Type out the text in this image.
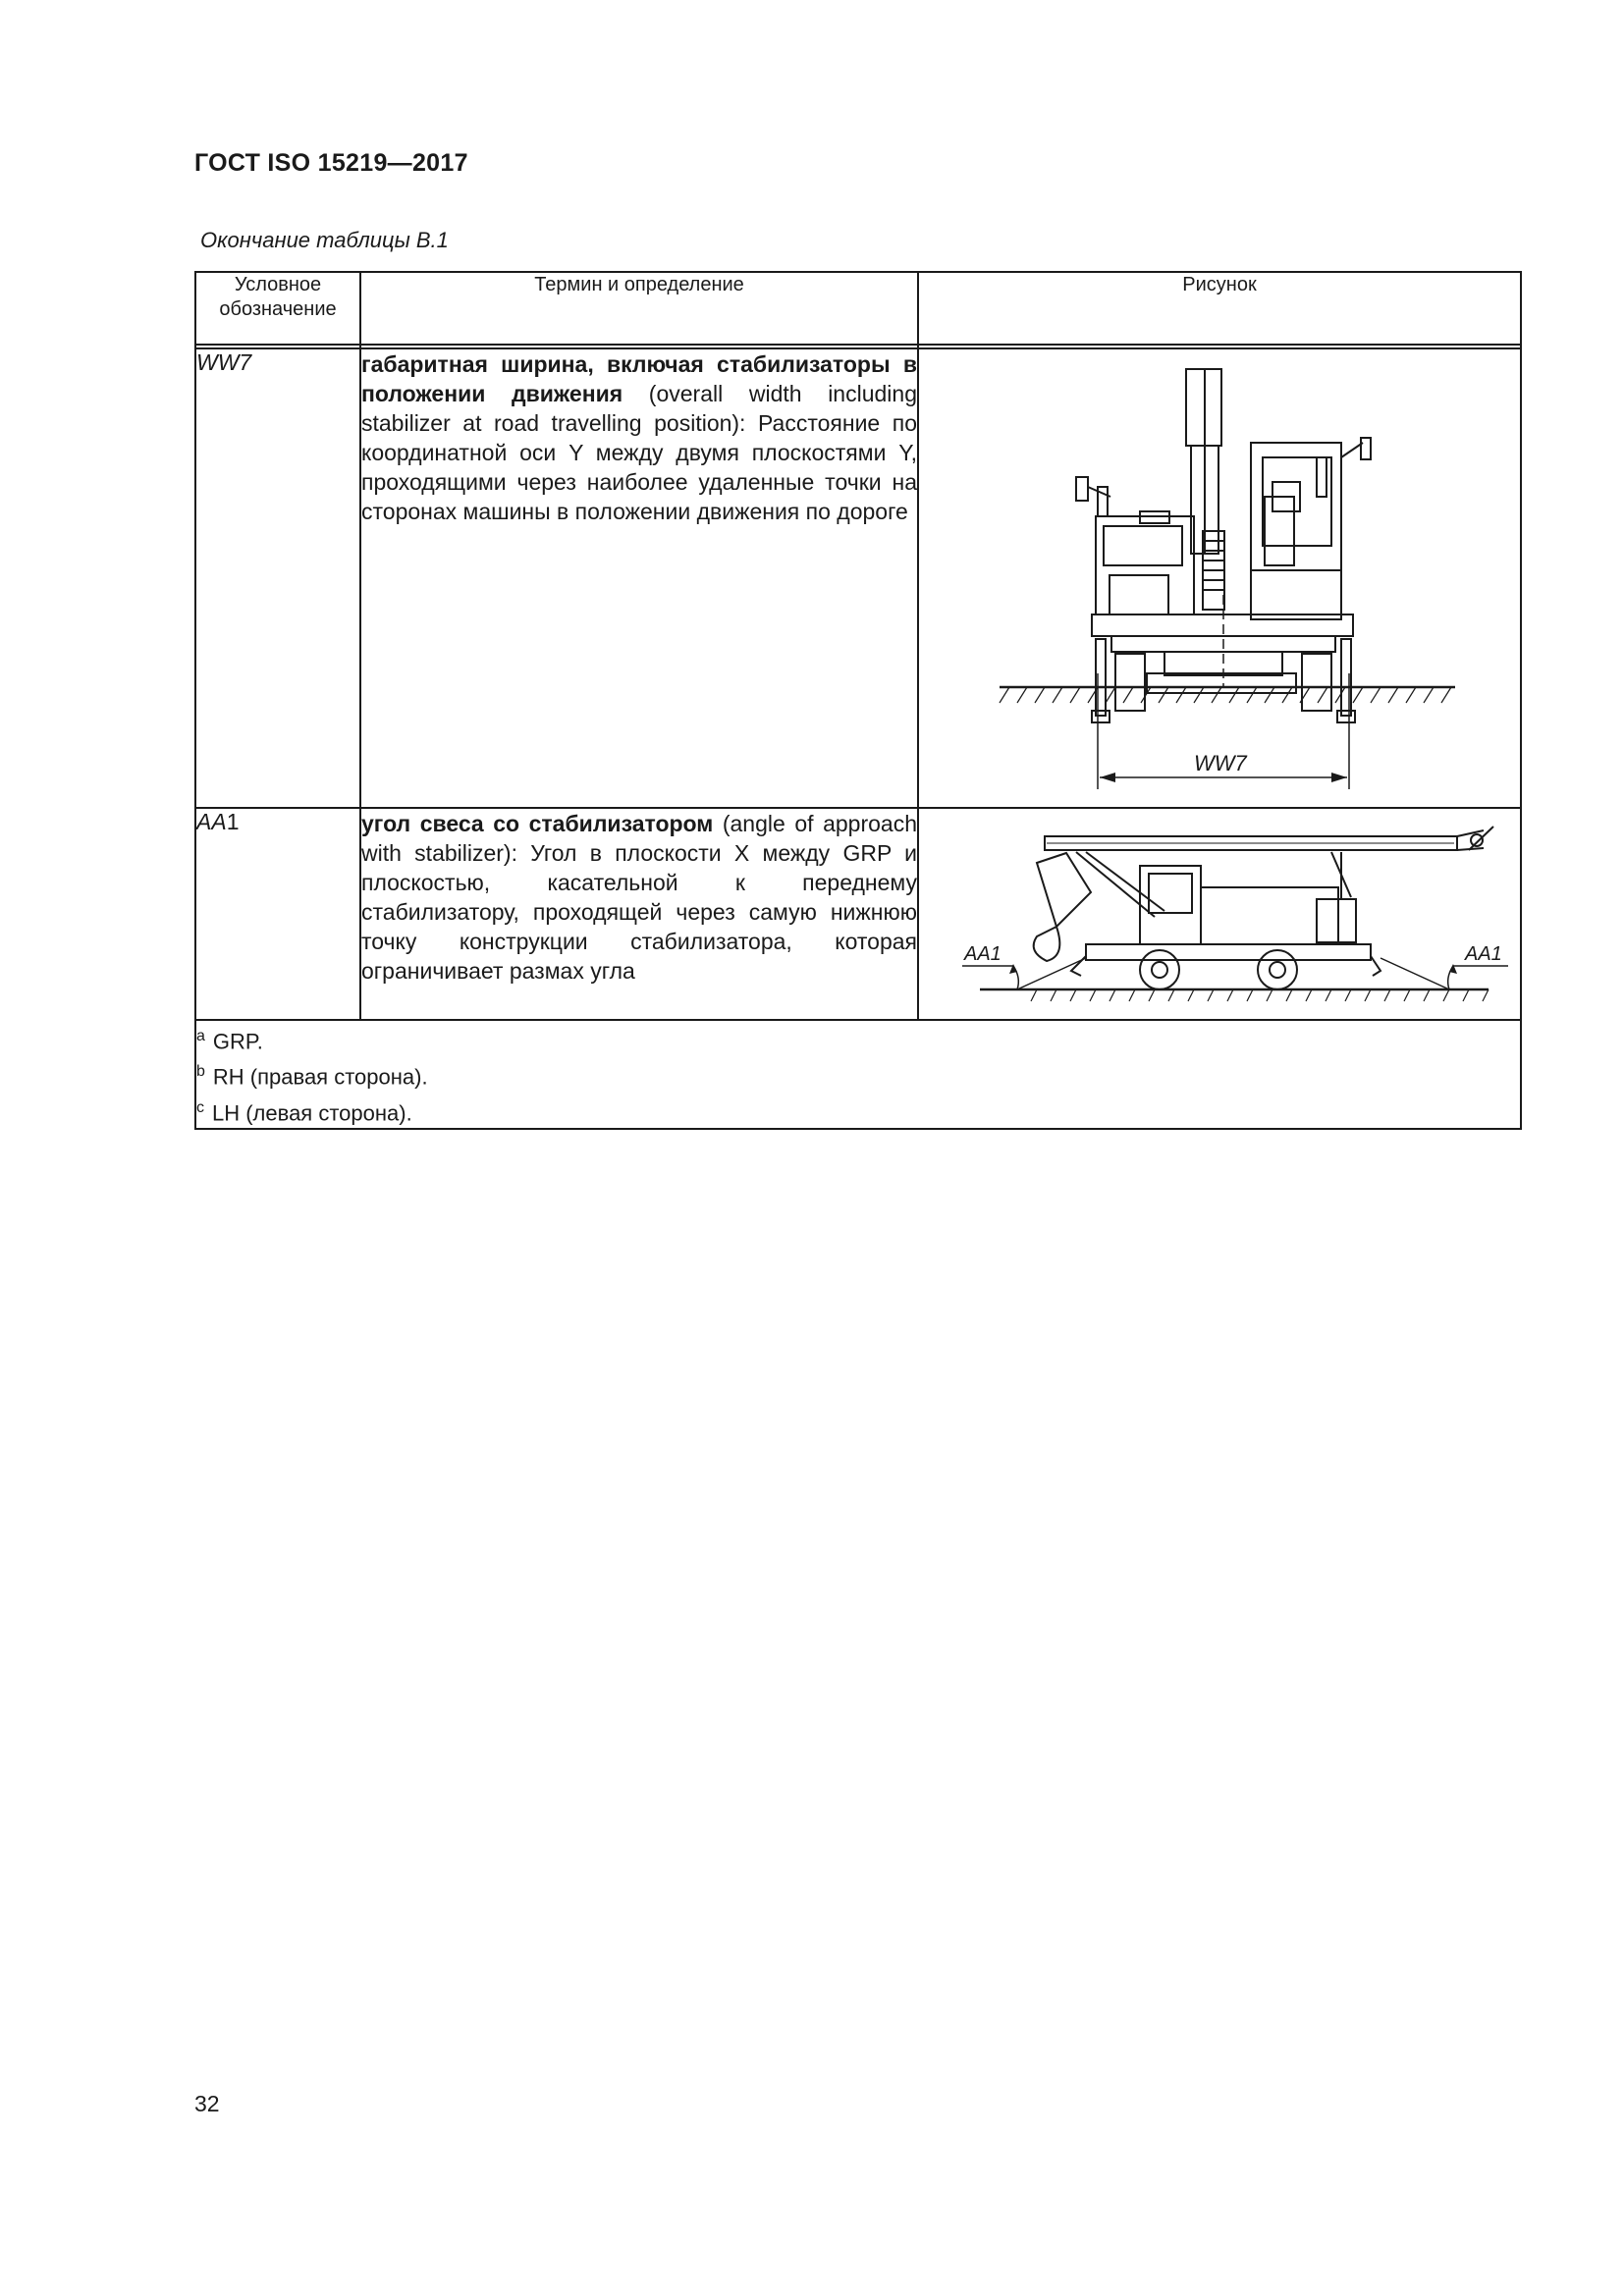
ГОСТ ISO 15219—2017
Окончание таблицы В.1
Условное
обозначение	Термин и определение	Рисунок

WW7	габаритная ширина, включая стабилизаторы в положении движения (overall width including stabilizer at road travelling position): Расстояние по координатной оси Y между двумя плоскостями Y, проходящими через наиболее удаленные точки на сторонах машины в положении движения по дороге	WW7

AA1	угол свеса со стабилизатором (angle of approach with stabilizer): Угол в плоскости X между GRP и плоскостью, касательной к переднему стабилизатору, проходящей через самую нижнюю точку конструкции стабилизатора, которая ограничивает размах угла	AA1 AA1

$^a$ GRP.
$^b$ RH (правая сторона).
$^c$ LH (левая сторона).		
32
